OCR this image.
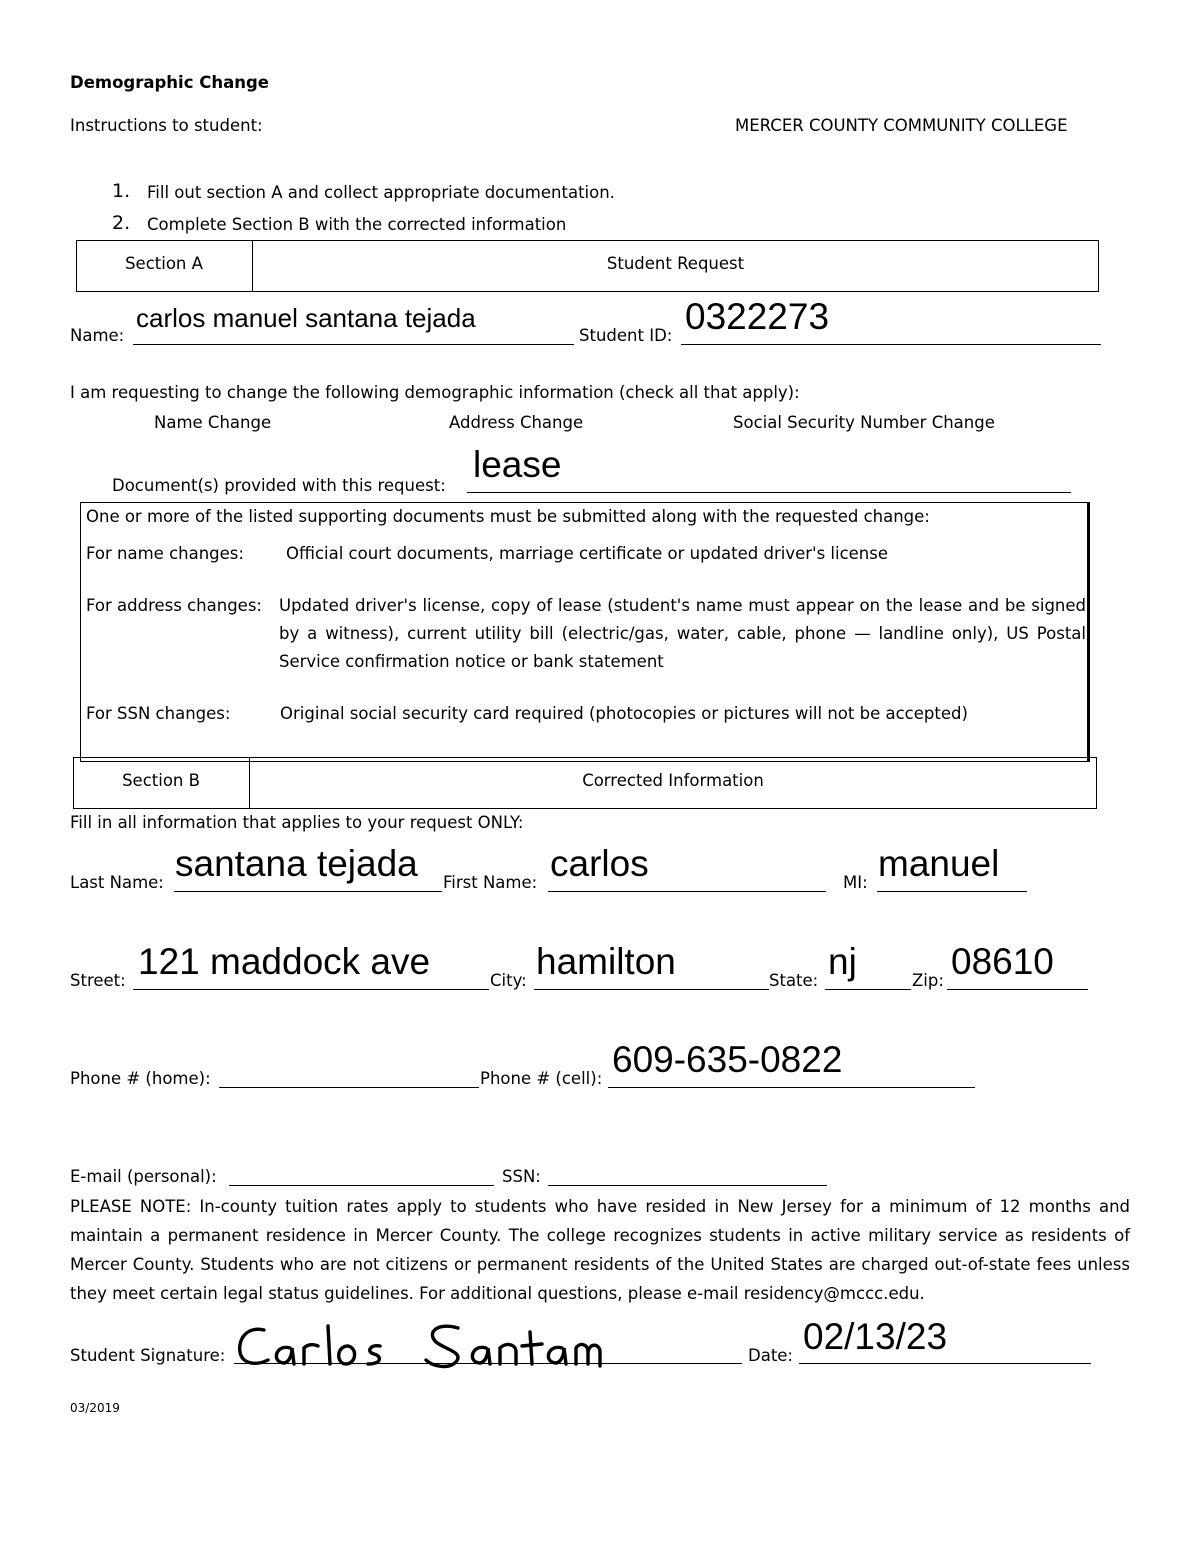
Demographic Change
Instructions to student:	MERCER COUNTY COMMUNITY COLLEGE
1. Fill out section A and collect appropriate documentation.
2. Complete Section B with the corrected information
Section A	Student Request
Name:
carlos manuel santana tejada
Student ID: 0322273
I am requesting to change the following demographic information (check all that apply):
Name Change	Address Change	Social Security Number Change
Document(s) provided with this request:
lease
One or more of the listed supporting documents must be submitted along with the requested change:
For name changes:	Official court documents, marriage certificate or updated driver's license
For address changes: Updated driver's license, copy of lease (student's name must appear on the lease and be signed by a witness), current utility bill (electric/gas, water, cable, phone — landline only), US Postal Service confirmation notice or bank statement
For SSN changes:	Original social security card required (photocopies or pictures will not be accepted)
Section B	Corrected Information
Fill in all information that applies to your request ONLY:
Last Name: santana tejada First Name: carlos	MI: manuel
Street: 121 maddock ave	City: hamilton	State: nj	Zip: 08610
Phone # (home):	Phone # (cell): 609-635-0822
E-mail (personal):	SSN:
PLEASE NOTE: In-county tuition rates apply to students who have resided in New Jersey for a minimum of 12 months and maintain a permanent residence in Mercer County. The college recognizes students in active military service as residents of Mercer County. Students who are not citizens or permanent residents of the United States are charged out-of-state fees unless they meet certain legal status guidelines. For additional questions, please e-mail residency@mccc.edu.
Student Signature:	Date: 02/13/23
03/2019
